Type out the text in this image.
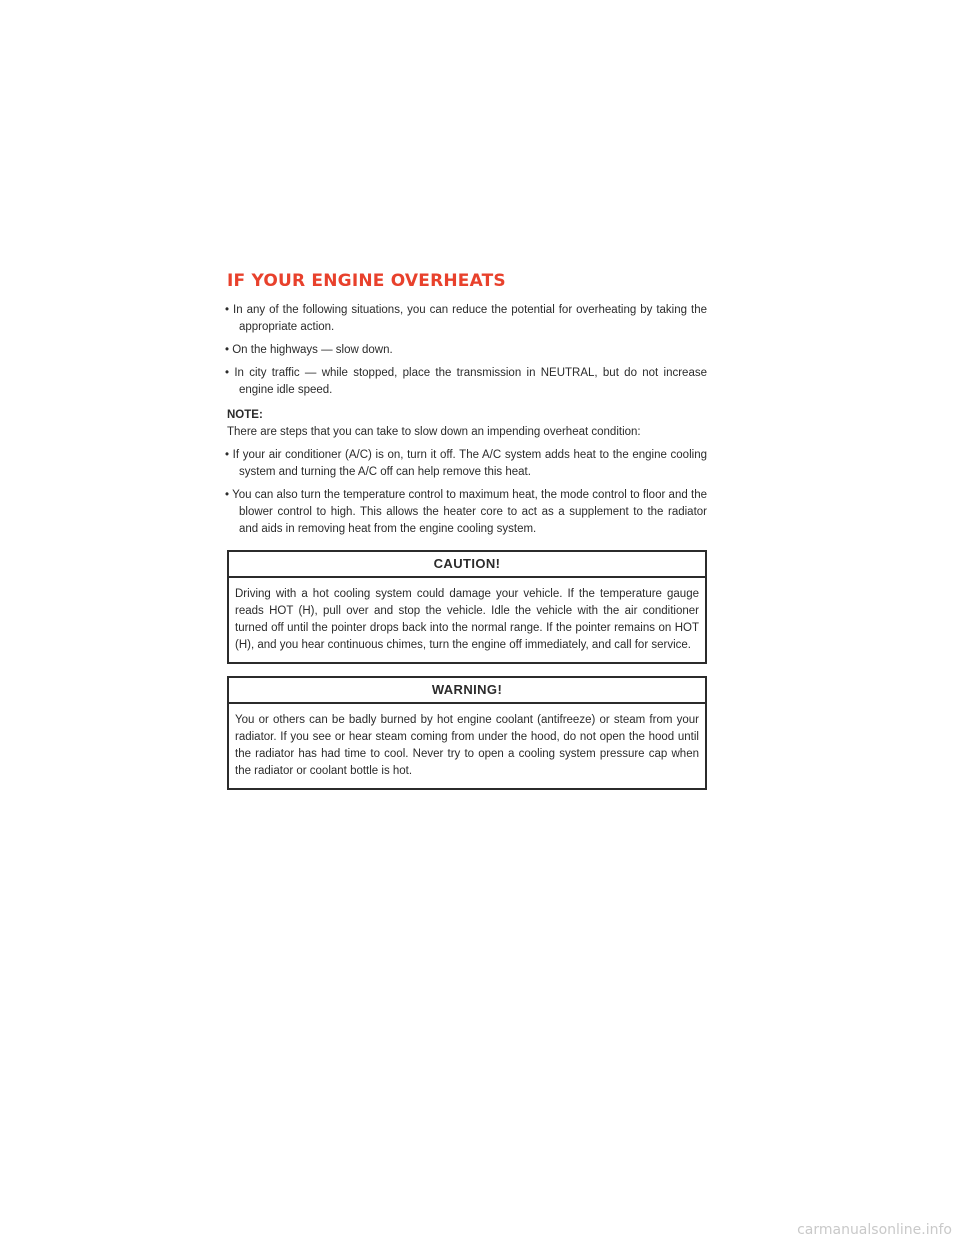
IF YOUR ENGINE OVERHEATS
• In any of the following situations, you can reduce the potential for overheating by taking the appropriate action.
• On the highways — slow down.
• In city traffic — while stopped, place the transmission in NEUTRAL, but do not increase engine idle speed.
NOTE:
There are steps that you can take to slow down an impending overheat condition:
• If your air conditioner (A/C) is on, turn it off. The A/C system adds heat to the engine cooling system and turning the A/C off can help remove this heat.
• You can also turn the temperature control to maximum heat, the mode control to floor and the blower control to high. This allows the heater core to act as a supplement to the radiator and aids in removing heat from the engine cooling system.
CAUTION!
Driving with a hot cooling system could damage your vehicle. If the temperature gauge reads HOT (H), pull over and stop the vehicle. Idle the vehicle with the air conditioner turned off until the pointer drops back into the normal range. If the pointer remains on HOT (H), and you hear continuous chimes, turn the engine off immediately, and call for service.
WARNING!
You or others can be badly burned by hot engine coolant (antifreeze) or steam from your radiator. If you see or hear steam coming from under the hood, do not open the hood until the radiator has had time to cool. Never try to open a cooling system pressure cap when the radiator or coolant bottle is hot.
carmanualsonline.info
